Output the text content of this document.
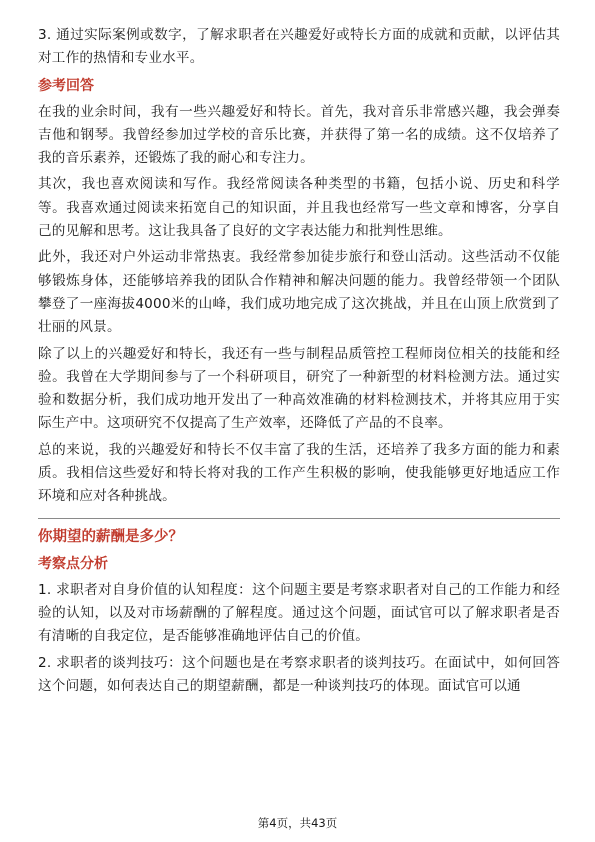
3. 通过实际案例或数字，了解求职者在兴趣爱好或特长方面的成就和贡献，以评估其对工作的热情和专业水平。

参考回答

在我的业余时间，我有一些兴趣爱好和特长。首先，我对音乐非常感兴趣，我会弹奏吉他和钢琴。我曾经参加过学校的音乐比赛，并获得了第一名的成绩。这不仅培养了我的音乐素养，还锻炼了我的耐心和专注力。

其次，我也喜欢阅读和写作。我经常阅读各种类型的书籍，包括小说、历史和科学等。我喜欢通过阅读来拓宽自己的知识面，并且我也经常写一些文章和博客，分享自己的见解和思考。这让我具备了良好的文字表达能力和批判性思维。

此外，我还对户外运动非常热衷。我经常参加徒步旅行和登山活动。这些活动不仅能够锻炼身体，还能够培养我的团队合作精神和解决问题的能力。我曾经带领一个团队攀登了一座海拔4000米的山峰，我们成功地完成了这次挑战，并且在山顶上欣赏到了壮丽的风景。

除了以上的兴趣爱好和特长，我还有一些与制程品质管控工程师岗位相关的技能和经验。我曾在大学期间参与了一个科研项目，研究了一种新型的材料检测方法。通过实验和数据分析，我们成功地开发出了一种高效准确的材料检测技术，并将其应用于实际生产中。这项研究不仅提高了生产效率，还降低了产品的不良率。

总的来说，我的兴趣爱好和特长不仅丰富了我的生活，还培养了我多方面的能力和素质。我相信这些爱好和特长将对我的工作产生积极的影响，使我能够更好地适应工作环境和应对各种挑战。

你期望的薪酬是多少？
考察点分析

1. 求职者对自身价值的认知程度：这个问题主要是考察求职者对自己的工作能力和经验的认知，以及对市场薪酬的了解程度。通过这个问题，面试官可以了解求职者是否有清晰的自我定位，是否能够准确地评估自己的价值。

2. 求职者的谈判技巧：这个问题也是在考察求职者的谈判技巧。在面试中，如何回答这个问题，如何表达自己的期望薪酬，都是一种谈判技巧的体现。面试官可以通

第4页，共43页
